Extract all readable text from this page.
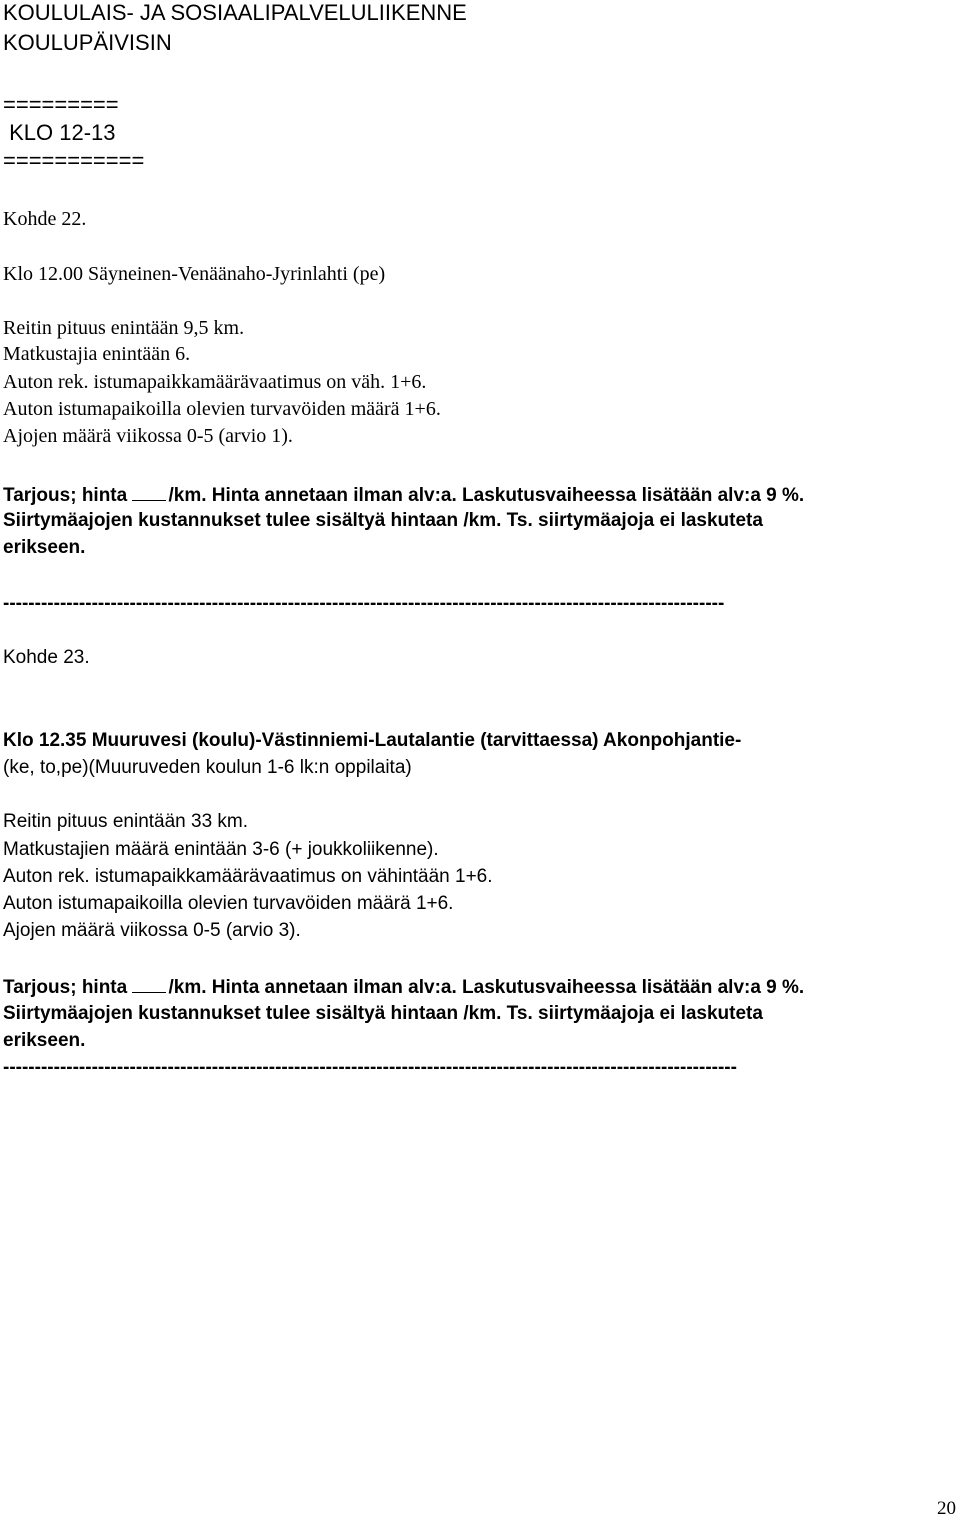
KOULULAIS- JA SOSIAALIPALVELULIIKENNE
KOULUPÄIVISIN
=========
KLO 12-13
===========
Kohde 22.
Klo 12.00 Säyneinen-Venäänaho-Jyrinlahti (pe)
Reitin pituus enintään 9,5 km.
Matkustajia enintään 6.
Auton rek. istumapaikkamäärävaatimus on väh. 1+6.
Auton istumapaikoilla olevien turvavöiden määrä 1+6.
Ajojen määrä viikossa 0-5 (arvio 1).
Tarjous; hinta /km. Hinta annetaan ilman alv:a. Laskutusvaiheessa lisätään alv:a 9 %.
Siirtymäajojen kustannukset tulee sisältyä hintaan /km. Ts. siirtymäajoja ei laskuteta
erikseen.
------------------------------------------------------------------------------------------------------------------
Kohde 23.
Klo 12.35 Muuruvesi (koulu)-Västinniemi-Lautalantie (tarvittaessa) Akonpohjantie-
(ke, to,pe)(Muuruveden koulun 1-6 lk:n oppilaita)
Reitin pituus enintään 33 km.
Matkustajien määrä enintään 3-6 (+ joukkoliikenne).
Auton rek. istumapaikkamäärävaatimus on vähintään 1+6.
Auton istumapaikoilla olevien turvavöiden määrä 1+6.
Ajojen määrä viikossa 0-5 (arvio 3).
Tarjous; hinta /km. Hinta annetaan ilman alv:a. Laskutusvaiheessa lisätään alv:a 9 %.
Siirtymäajojen kustannukset tulee sisältyä hintaan /km. Ts. siirtymäajoja ei laskuteta
erikseen.
--------------------------------------------------------------------------------------------------------------------
20
